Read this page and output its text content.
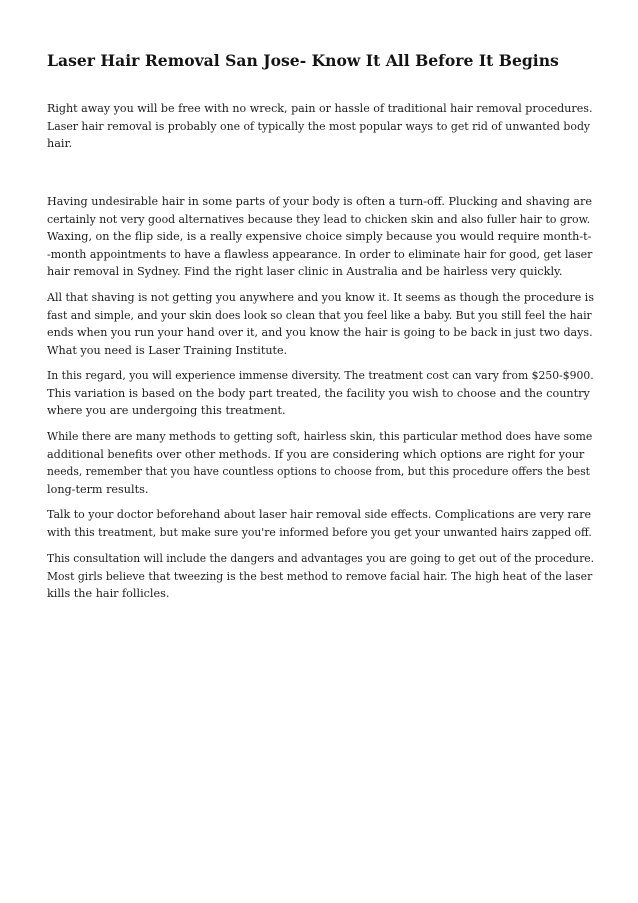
Laser Hair Removal San Jose- Know It All Before It Begins

Right away you will be free with no wreck, pain or hassle of traditional hair removal procedures.
Laser hair removal is probably one of typically the most popular ways to get rid of unwanted body
hair.

Having undesirable hair in some parts of your body is often a turn-off. Plucking and shaving are
certainly not very good alternatives because they lead to chicken skin and also fuller hair to grow.
Waxing, on the flip side, is a really expensive choice simply because you would require month-t-
-month appointments to have a flawless appearance. In order to eliminate hair for good, get laser
hair removal in Sydney. Find the right laser clinic in Australia and be hairless very quickly.

All that shaving is not getting you anywhere and you know it. It seems as though the procedure is
fast and simple, and your skin does look so clean that you feel like a baby. But you still feel the hair
ends when you run your hand over it, and you know the hair is going to be back in just two days.
What you need is Laser Training Institute.

In this regard, you will experience immense diversity. The treatment cost can vary from $250-$900.
This variation is based on the body part treated, the facility you wish to choose and the country
where you are undergoing this treatment.

While there are many methods to getting soft, hairless skin, this particular method does have some
additional benefits over other methods. If you are considering which options are right for your
needs, remember that you have countless options to choose from, but this procedure offers the best
long-term results.

Talk to your doctor beforehand about laser hair removal side effects. Complications are very rare
with this treatment, but make sure you're informed before you get your unwanted hairs zapped off.

This consultation will include the dangers and advantages you are going to get out of the procedure.
Most girls believe that tweezing is the best method to remove facial hair. The high heat of the laser
kills the hair follicles.
